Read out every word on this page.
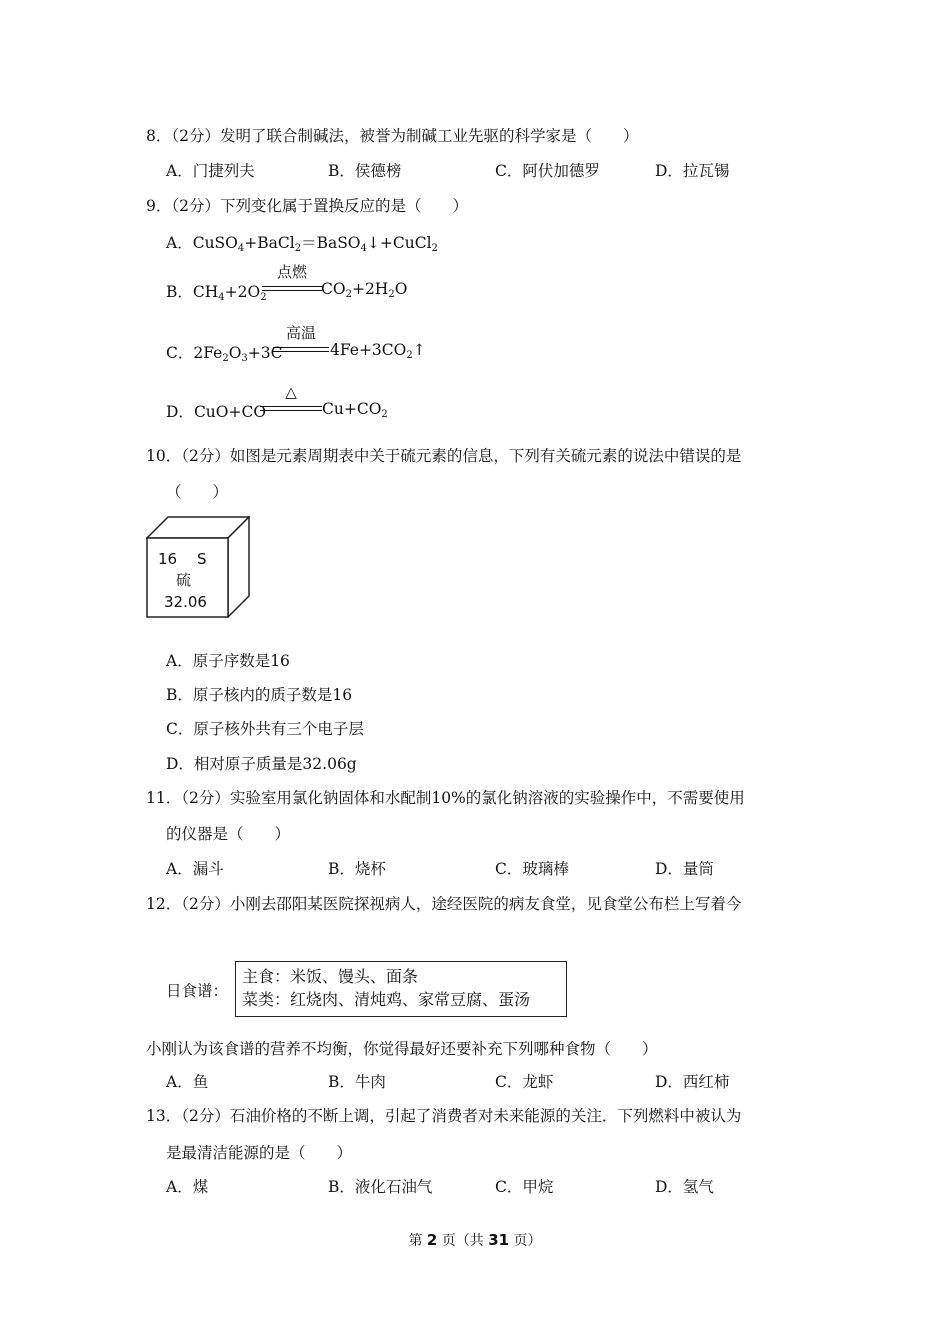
8．（2分）发明了联合制碱法，被誉为制碱工业先驱的科学家是（　　）
A．门捷列夫	B．侯德榜	C．阿伏加德罗	D．拉瓦锡
9．（2分）下列变化属于置换反应的是（　　）
A．CuSO$_4$+BaCl$_2$＝BaSO$_4$↓+CuCl$_2$
B．$CH_4+2O_2$
点燃
$CO_2+2H_2O$
C．$2Fe_2O_3+3C$
高温
$4Fe+3CO_2↑$
D．CuO+CO
△
$Cu+CO_2$
10．（2分）如图是元素周期表中关于硫元素的信息，下列有关硫元素的说法中错误的是
（　　）
16 S
硫
32.06
A．原子序数是16
B．原子核内的质子数是16
C．原子核外共有三个电子层
D．相对原子质量是32.06g
11．（2分）实验室用氯化钠固体和水配制10%的氯化钠溶液的实验操作中，不需要使用
的仪器是（　　）
A．漏斗	B．烧杯	C．玻璃棒	D．量筒
12．（2分）小刚去邵阳某医院探视病人，途经医院的病友食堂，见食堂公布栏上写着今
日食谱：
主食：米饭、馒头、面条
菜类：红烧肉、清炖鸡、家常豆腐、蛋汤
小刚认为该食谱的营养不均衡，你觉得最好还要补充下列哪种食物（　　）
A．鱼	B．牛肉	C．龙虾	D．西红柿
13．（2分）石油价格的不断上调，引起了消费者对未来能源的关注．下列燃料中被认为
是最清洁能源的是（　　）
A．煤	B．液化石油气	C．甲烷	D．氢气
第 2 页（共 31 页）
